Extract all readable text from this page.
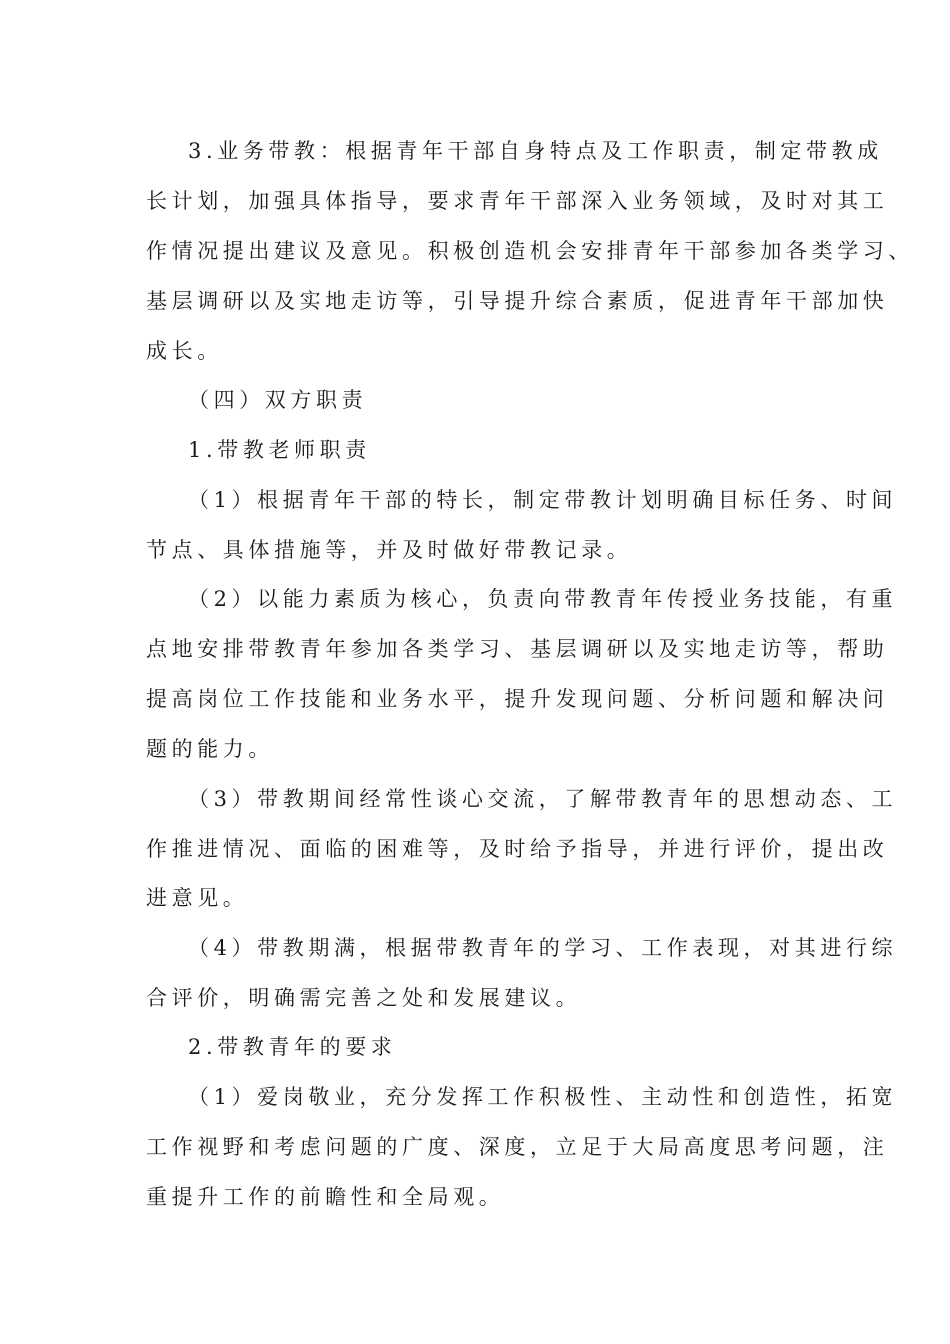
3.业务带教：根据青年干部自身特点及工作职责，制定带教成
长计划，加强具体指导，要求青年干部深入业务领域，及时对其工
作情况提出建议及意见。积极创造机会安排青年干部参加各类学习、
基层调研以及实地走访等，引导提升综合素质，促进青年干部加快
成长。
（四）双方职责
1.带教老师职责
（1）根据青年干部的特长，制定带教计划明确目标任务、时间
节点、具体措施等，并及时做好带教记录。
（2）以能力素质为核心，负责向带教青年传授业务技能，有重
点地安排带教青年参加各类学习、基层调研以及实地走访等，帮助
提高岗位工作技能和业务水平，提升发现问题、分析问题和解决问
题的能力。
（3）带教期间经常性谈心交流，了解带教青年的思想动态、工
作推进情况、面临的困难等，及时给予指导，并进行评价，提出改
进意见。
（4）带教期满，根据带教青年的学习、工作表现，对其进行综
合评价，明确需完善之处和发展建议。
2.带教青年的要求
（1）爱岗敬业，充分发挥工作积极性、主动性和创造性，拓宽
工作视野和考虑问题的广度、深度，立足于大局高度思考问题，注
重提升工作的前瞻性和全局观。
